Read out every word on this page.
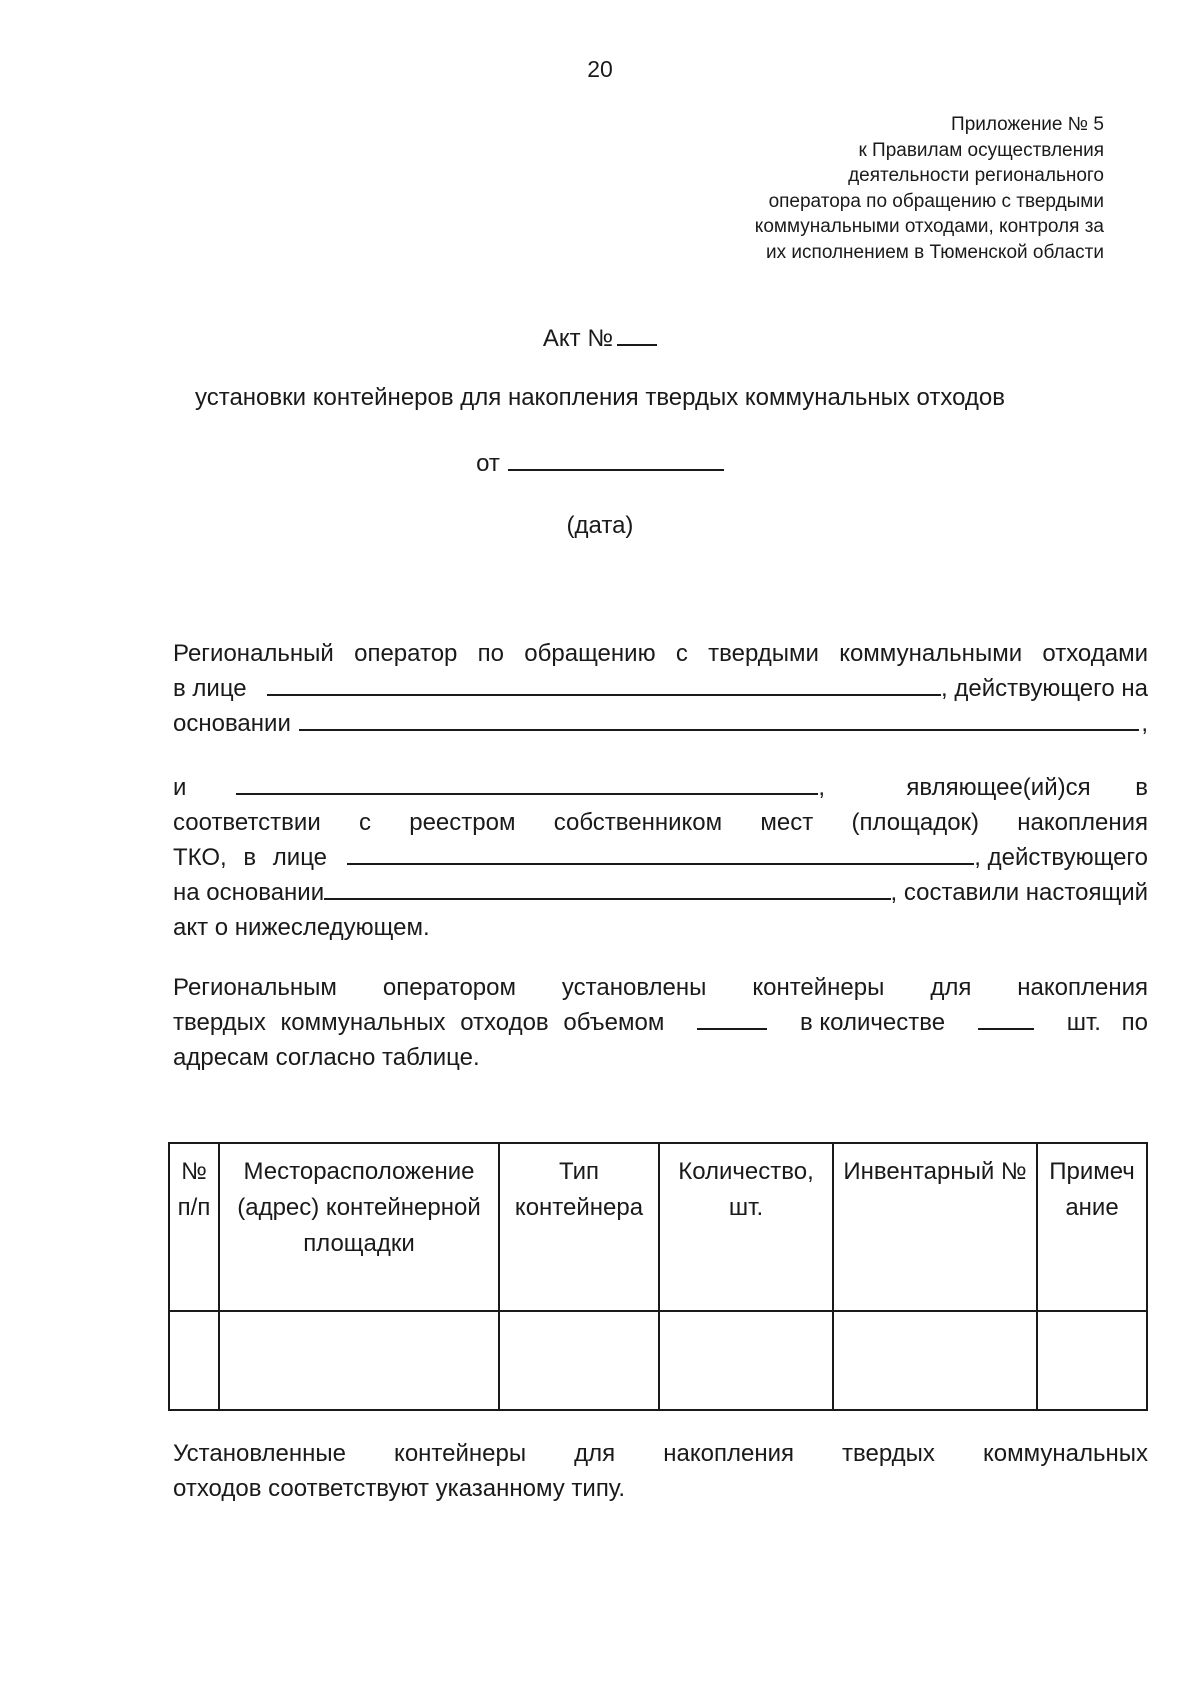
20
Приложение № 5
к Правилам осуществления
деятельности регионального
оператора по обращению с твердыми
коммунальными отходами, контроля за
их исполнением в Тюменской области
Акт №
установки контейнеров для накопления твердых коммунальных отходов
от
(дата)
Региональный оператор по обращению с твердыми коммунальными отходами
в лице	, действующего на
основании	,
и	,	являющее(ий)ся в
соответствии с реестром собственником мест (площадок) накопления
ТКО, в лице	, действующего
на основании	, составили настоящий
акт о нижеследующем.
Региональным оператором установлены контейнеры для накопления
твердых коммунальных отходов объемом	в количестве	шт. по
адресам согласно таблице.
№ п/п	Месторасположение (адрес) контейнерной площадки	Тип контейнера	Количество, шт.	Инвентарный №	Примеч ание

Установленные контейнеры для накопления твердых коммунальных
отходов соответствуют указанному типу.
